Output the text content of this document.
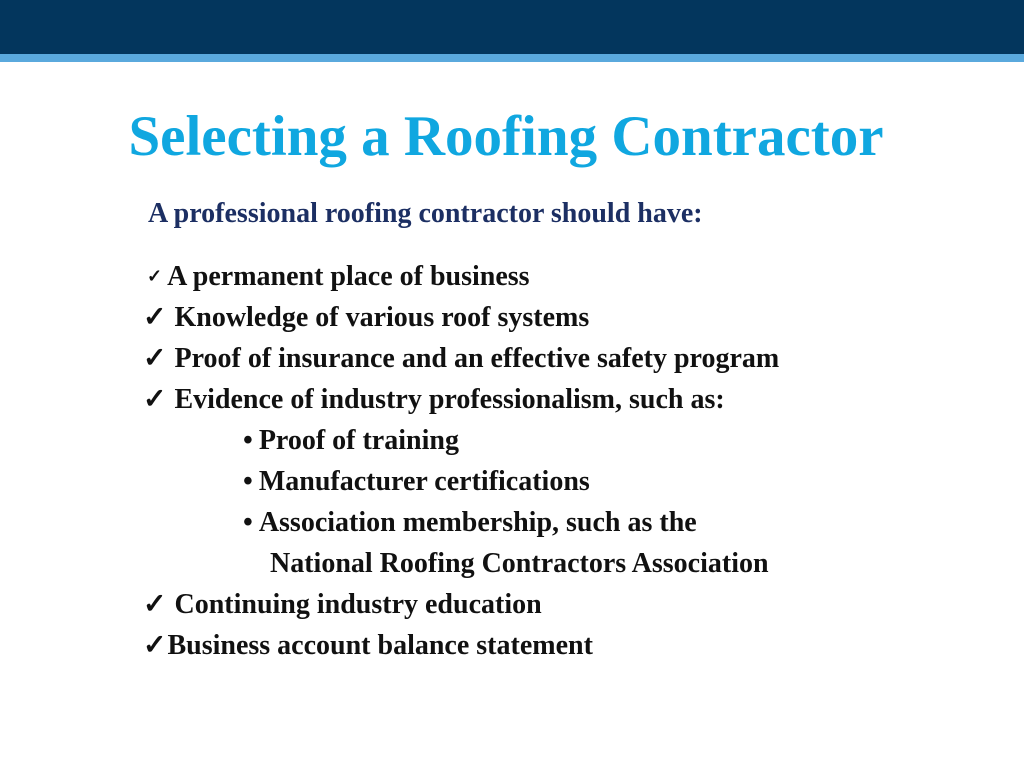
Selecting a Roofing Contractor
A professional roofing contractor should have:
✓ A permanent place of business
✓ Knowledge of various roof systems
✓ Proof of insurance and an effective safety program
✓ Evidence of industry professionalism, such as:
• Proof of training
• Manufacturer certifications
• Association membership, such as the
National Roofing Contractors Association
✓ Continuing industry education
✓Business account balance statement
